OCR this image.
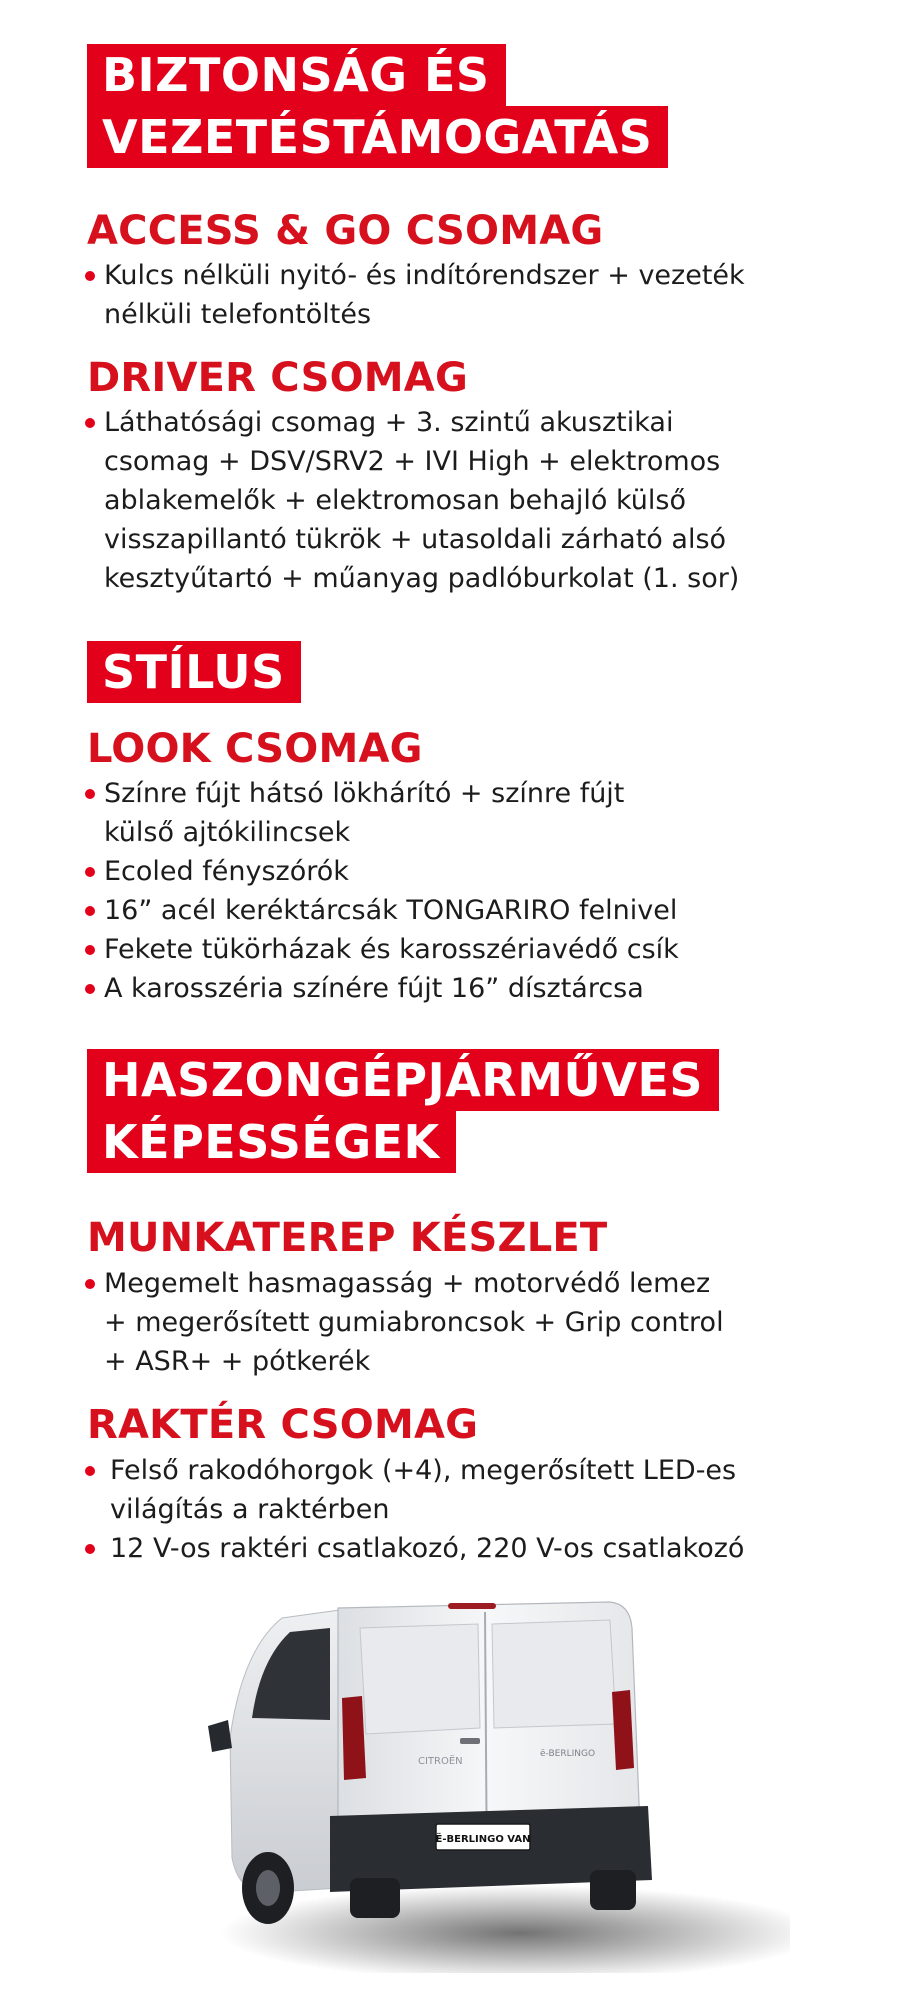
BIZTONSÁG ÉS
VEZETÉSTÁMOGATÁS
ACCESS & GO CSOMAG
Kulcs nélküli nyitó- és indítórendszer + vezeték
nélküli telefontöltés
DRIVER CSOMAG
Láthatósági csomag + 3. szintű akusztikai
csomag + DSV/SRV2 + IVI High + elektromos
ablakemelők + elektromosan behajló külső
visszapillantó tükrök + utasoldali zárható alsó
kesztyűtartó + műanyag padlóburkolat (1. sor)
STÍLUS
LOOK CSOMAG
Színre fújt hátsó lökhárító + színre fújt
külső ajtókilincsek
Ecoled fényszórók
16” acél keréktárcsák TONGARIRO felnivel
Fekete tükörházak és karosszériavédő csík
A karosszéria színére fújt 16” dísztárcsa
HASZONGÉPJÁRMŰVES
KÉPESSÉGEK
MUNKATEREP KÉSZLET
Megemelt hasmagasság + motorvédő lemez
+ megerősített gumiabroncsok + Grip control
+ ASR+ + pótkerék
RAKTÉR CSOMAG
Felső rakodóhorgok (+4), megerősített LED-es
világítás a raktérben
12 V-os raktéri csatlakozó, 220 V-os csatlakozó
CITROËN
ë-BERLINGO
Ë-BERLINGO VAN
